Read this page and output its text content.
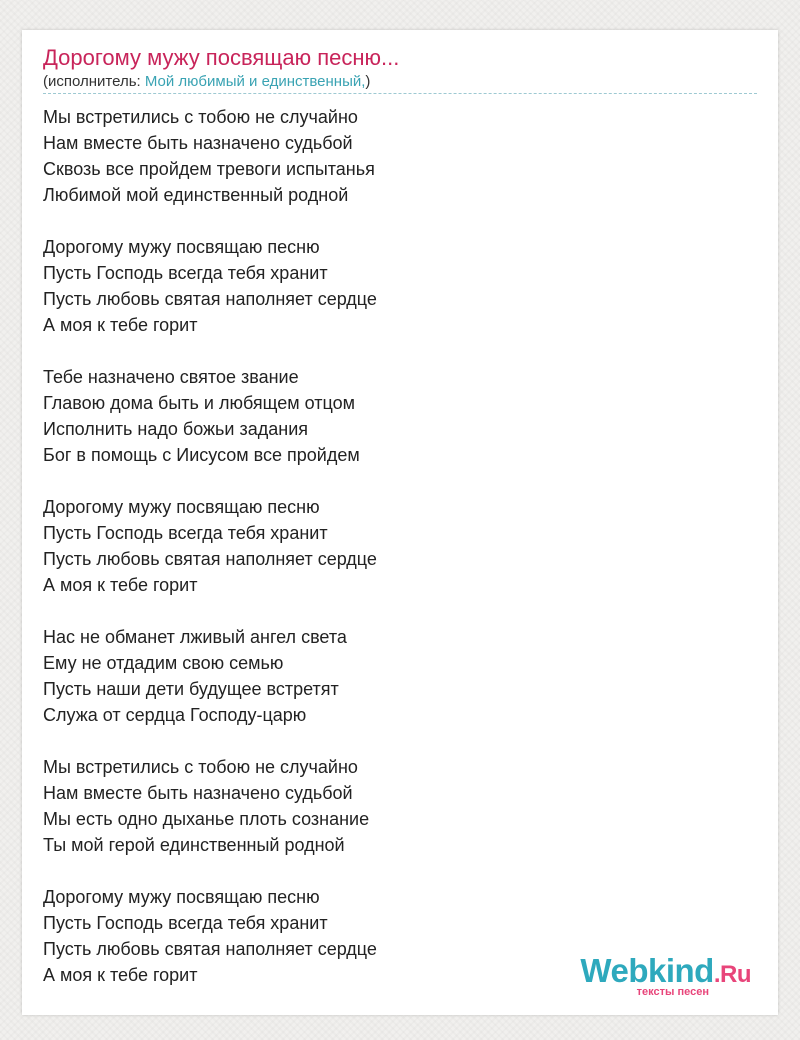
Дорогому мужу посвящаю песню...
(исполнитель: Мой любимый и единственный,)
Мы встретились с тобою не случайно
Нам вместе быть назначено судьбой
Сквозь все пройдем тревоги испытанья
Любимой мой единственный родной
Дорогому мужу посвящаю песню
Пусть Господь всегда тебя хранит
Пусть любовь святая наполняет сердце
А моя к тебе горит
Тебе назначено святое звание
Главою дома быть и любящем отцом
Исполнить надо божьи задания
Бог в помощь с Иисусом все пройдем
Дорогому мужу посвящаю песню
Пусть Господь всегда тебя хранит
Пусть любовь святая наполняет сердце
А моя к тебе горит
Нас не обманет лживый ангел света
Ему не отдадим свою семью
Пусть наши дети будущее встретят
Служа от сердца Господу-царю
Мы встретились с тобою не случайно
Нам вместе быть назначено судьбой
Мы есть одно дыханье плоть сознание
Ты мой герой единственный родной
Дорогому мужу посвящаю песню
Пусть Господь всегда тебя хранит
Пусть любовь святая наполняет сердце
А моя к тебе горит	Webkind.Ru
тексты песен
